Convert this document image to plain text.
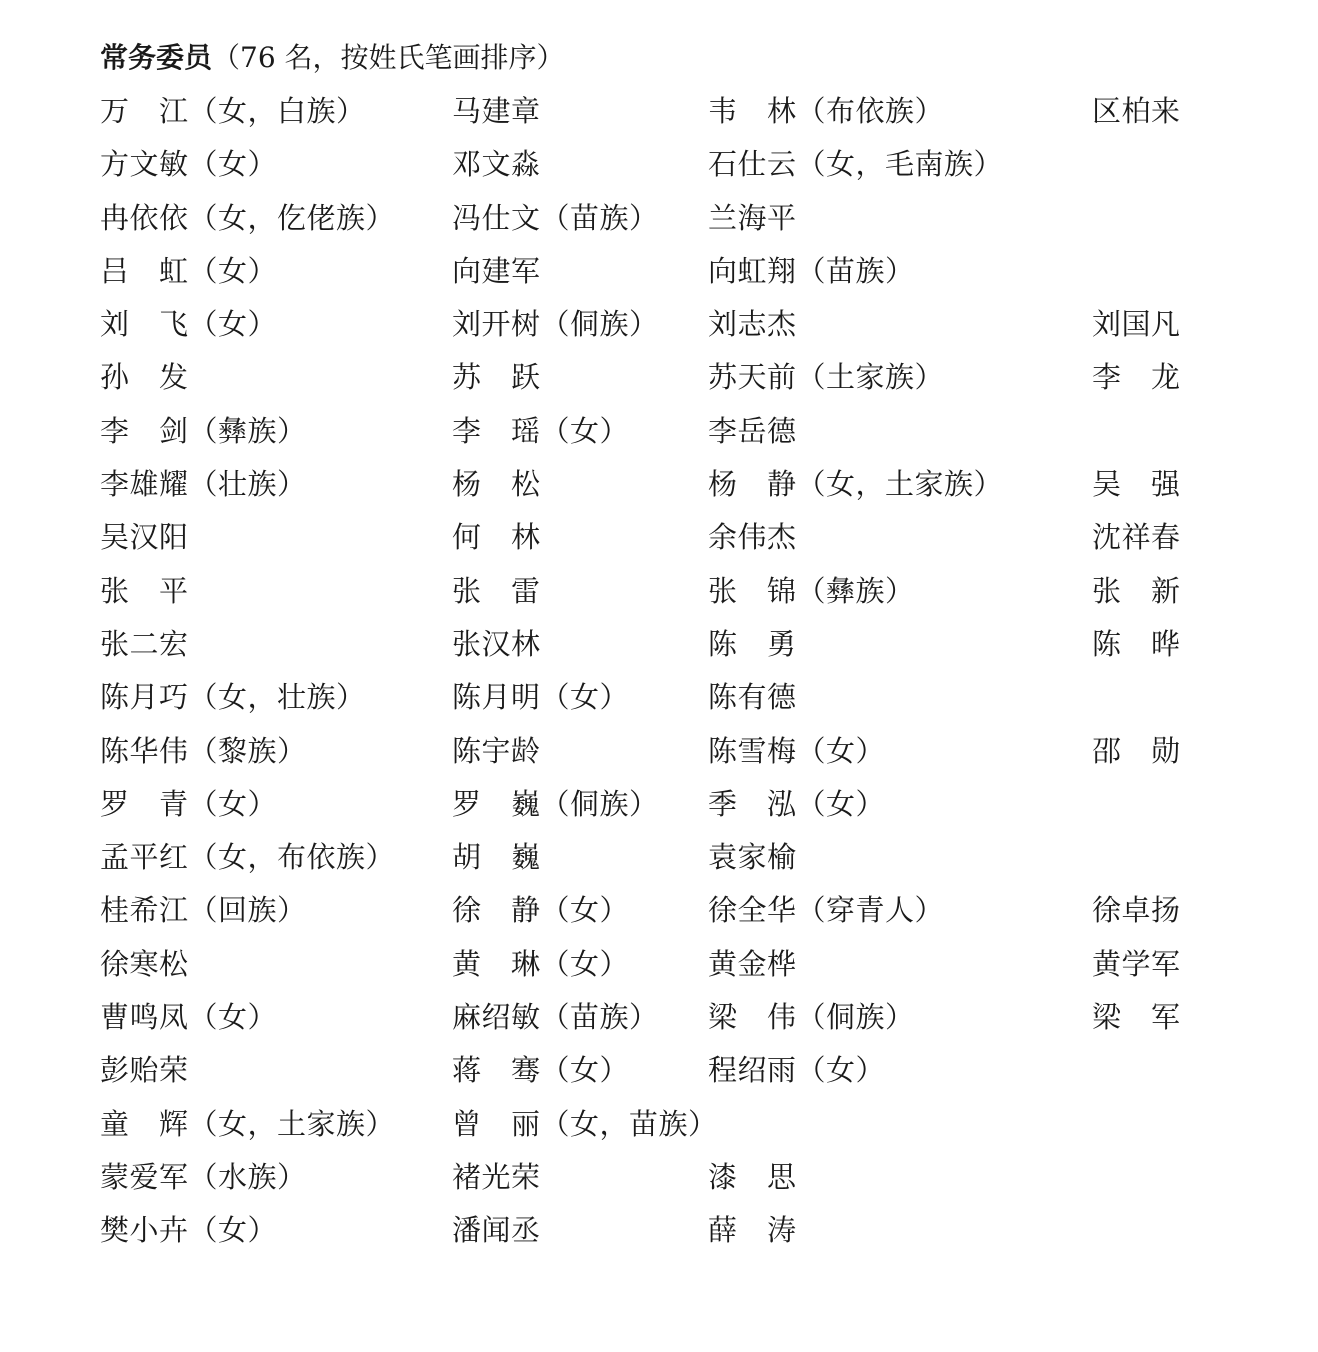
常务委员（76 名，按姓氏笔画排序）
万　江（女，白族）	马建章	韦　林（布依族）	区柏来
方文敏（女）	邓文淼	石仕云（女，毛南族）
冉依依（女，仡佬族） 冯仕文（苗族） 兰海平
吕　虹（女）	向建军	向虹翔（苗族）
刘　飞（女）	刘开树（侗族） 刘志杰	刘国凡
孙　发	苏　跃	苏天前（土家族）	李　龙
李　剑（彝族）	李　瑶（女）	李岳德
李雄耀（壮族）	杨　松	杨　静（女，土家族）	吴　强
吴汉阳	何　林	余伟杰	沈祥春
张　平	张　雷	张　锦（彝族）	张　新
张二宏	张汉林	陈　勇	陈　晔
陈月巧（女，壮族）	陈月明（女）	陈有德
陈华伟（黎族）	陈宇龄	陈雪梅（女）	邵　勋
罗　青（女）	罗　巍（侗族） 季　泓（女）
孟平红（女，布依族） 胡　巍	袁家榆
桂希江（回族）	徐　静（女）	徐全华（穿青人）	徐卓扬
徐寒松	黄　琳（女）	黄金桦	黄学军
曹鸣凤（女）	麻绍敏（苗族） 梁　伟（侗族）	梁　军
彭贻荣	蒋　骞（女）	程绍雨（女）
童　辉（女，土家族） 曾　丽（女，苗族）
蒙爱军（水族）	褚光荣	漆　思
樊小卉（女）	潘闻丞	薛　涛
